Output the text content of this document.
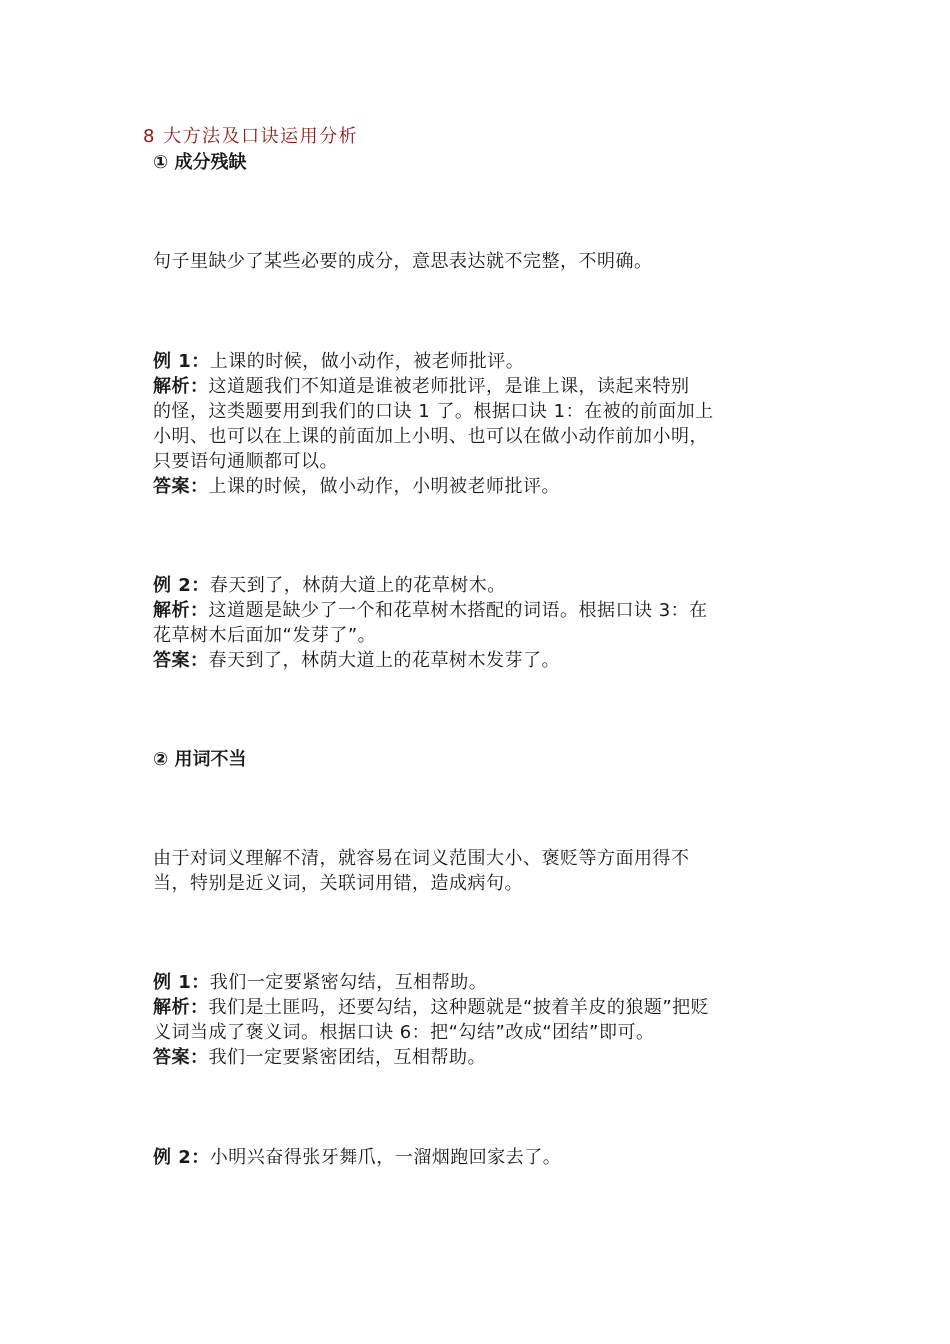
8 大方法及口诀运用分析
① 成分残缺
句子里缺少了某些必要的成分，意思表达就不完整，不明确。
例 1：上课的时候，做小动作，被老师批评。
解析：这道题我们不知道是谁被老师批评，是谁上课，读起来特别
的怪，这类题要用到我们的口诀 1 了。根据口诀 1：在被的前面加上
小明、也可以在上课的前面加上小明、也可以在做小动作前加小明，
只要语句通顺都可以。
答案：上课的时候，做小动作，小明被老师批评。
例 2：春天到了，林荫大道上的花草树木。
解析：这道题是缺少了一个和花草树木搭配的词语。根据口诀 3：在
花草树木后面加“发芽了”。
答案：春天到了，林荫大道上的花草树木发芽了。
② 用词不当
由于对词义理解不清，就容易在词义范围大小、褒贬等方面用得不
当，特别是近义词，关联词用错，造成病句。
例 1：我们一定要紧密勾结，互相帮助。
解析：我们是土匪吗，还要勾结，这种题就是“披着羊皮的狼题”把贬
义词当成了褒义词。根据口诀 6：把“勾结”改成“团结”即可。
答案：我们一定要紧密团结，互相帮助。
例 2：小明兴奋得张牙舞爪，一溜烟跑回家去了。
